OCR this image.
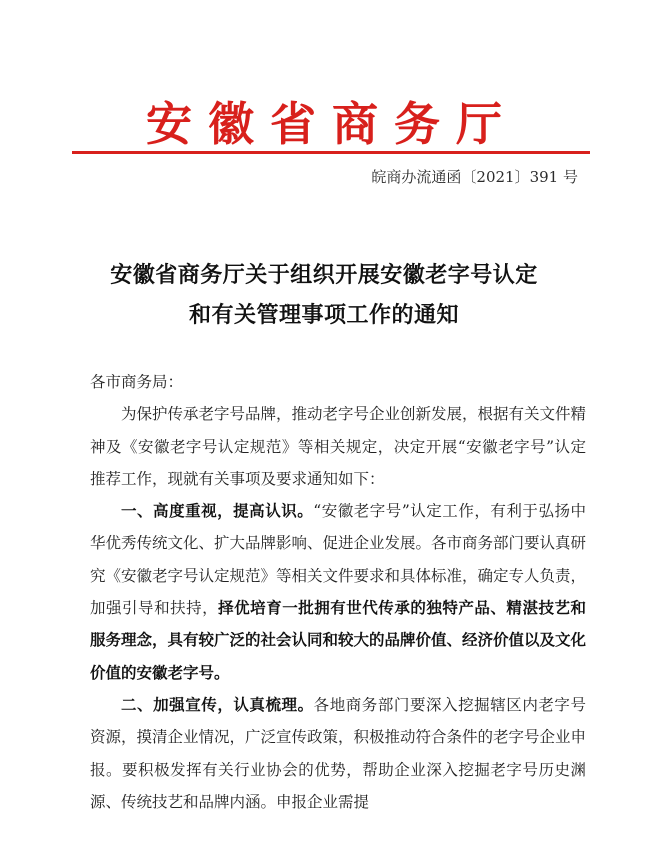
安徽省商务厅
皖商办流通函〔2021〕391 号
安徽省商务厅关于组织开展安徽老字号认定
和有关管理事项工作的通知

各市商务局：

为保护传承老字号品牌，推动老字号企业创新发展，根据有关文件精神及《安徽老字号认定规范》等相关规定，决定开展“安徽老字号”认定推荐工作，现就有关事项及要求通知如下：

一、高度重视，提高认识。“安徽老字号”认定工作，有利于弘扬中华优秀传统文化、扩大品牌影响、促进企业发展。各市商务部门要认真研究《安徽老字号认定规范》等相关文件要求和具体标准，确定专人负责，加强引导和扶持，择优培育一批拥有世代传承的独特产品、精湛技艺和服务理念，具有较广泛的社会认同和较大的品牌价值、经济价值以及文化价值的安徽老字号。

二、加强宣传，认真梳理。各地商务部门要深入挖掘辖区内老字号资源，摸清企业情况，广泛宣传政策，积极推动符合条件的老字号企业申报。要积极发挥有关行业协会的优势，帮助企业深入挖掘老字号历史渊源、传统技艺和品牌内涵。申报企业需提
